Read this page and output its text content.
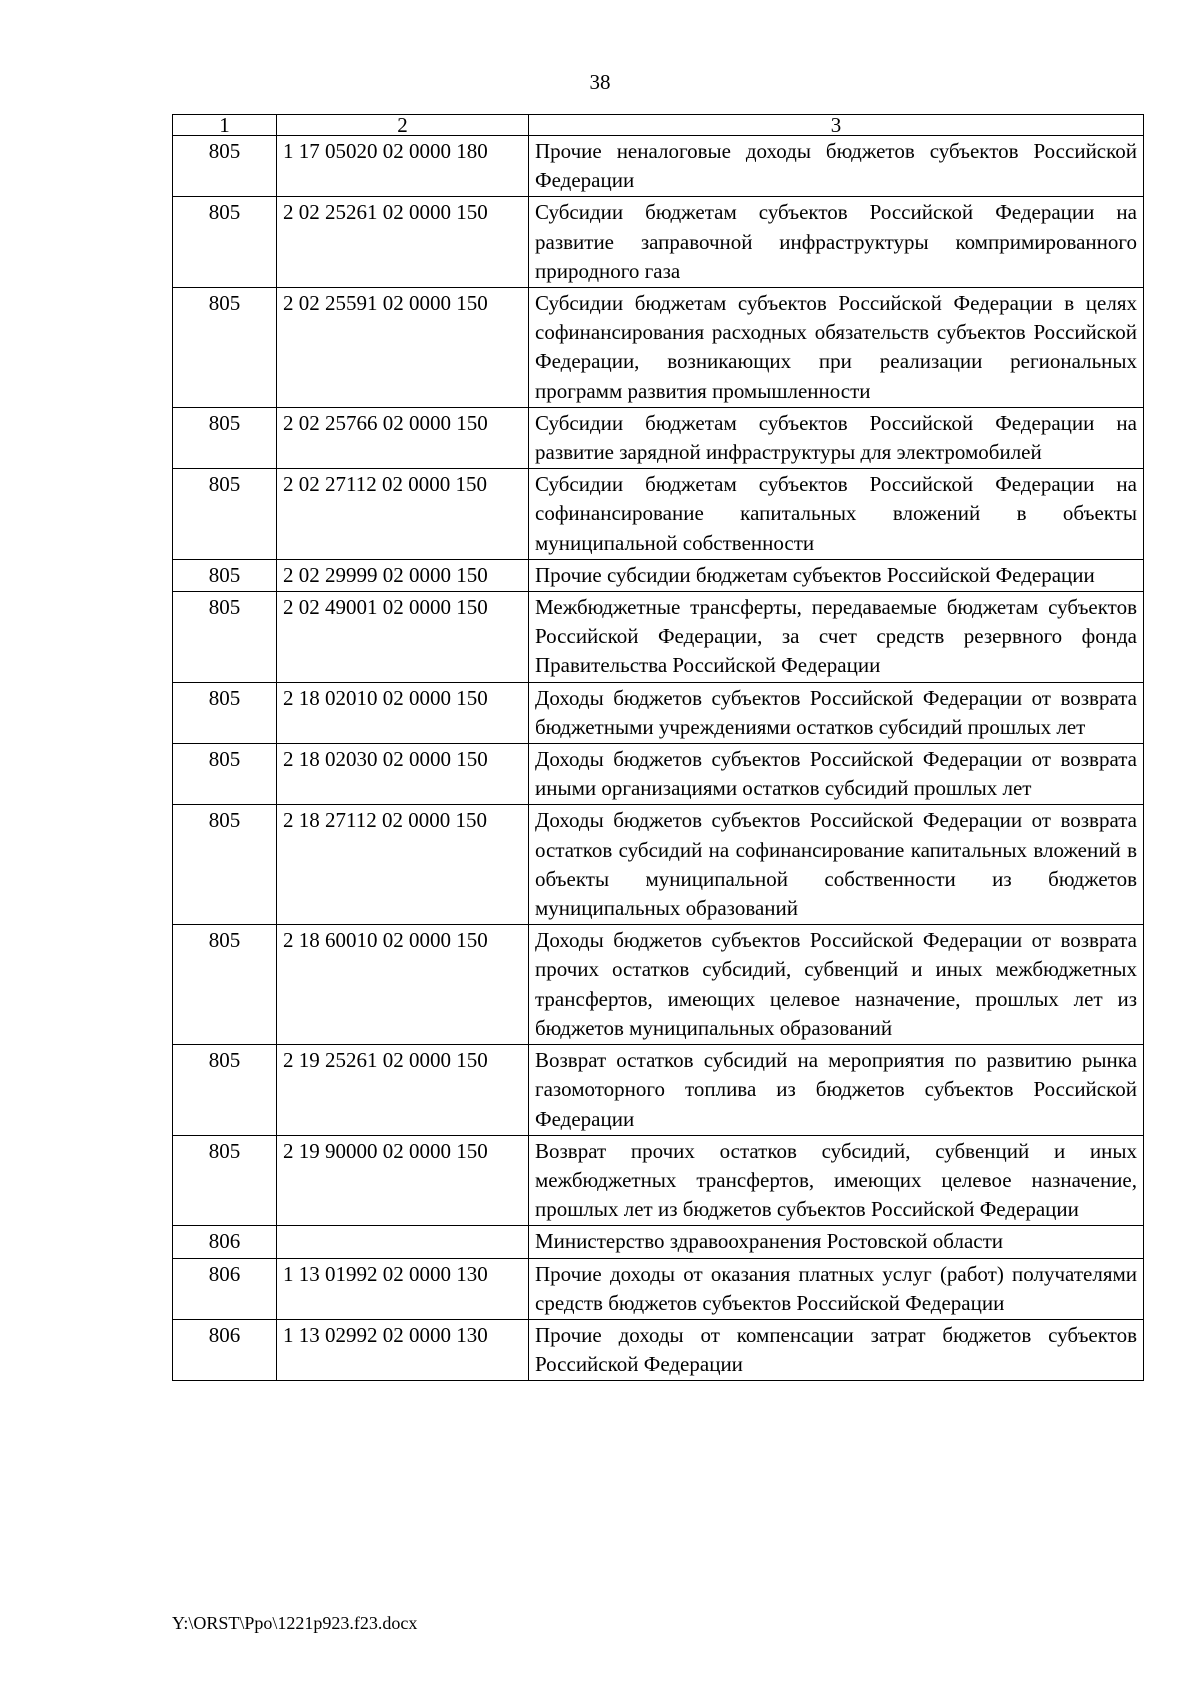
38
1	2	3
805	1 17 05020 02 0000 180	Прочие неналоговые доходы бюджетов субъектов Российской Федерации
805	2 02 25261 02 0000 150	Субсидии бюджетам субъектов Российской Федерации на развитие заправочной инфраструктуры компримированного природного газа
805	2 02 25591 02 0000 150	Субсидии бюджетам субъектов Российской Федерации в целях софинансирования расходных обязательств субъектов Российской Федерации, возникающих при реализации региональных программ развития промышленности
805	2 02 25766 02 0000 150	Субсидии бюджетам субъектов Российской Федерации на развитие зарядной инфраструктуры для электромобилей
805	2 02 27112 02 0000 150	Субсидии бюджетам субъектов Российской Федерации на софинансирование капитальных вложений в объекты муниципальной собственности
805	2 02 29999 02 0000 150	Прочие субсидии бюджетам субъектов Российской Федерации
805	2 02 49001 02 0000 150	Межбюджетные трансферты, передаваемые бюджетам субъектов Российской Федерации, за счет средств резервного фонда Правительства Российской Федерации
805	2 18 02010 02 0000 150	Доходы бюджетов субъектов Российской Федерации от возврата бюджетными учреждениями остатков субсидий прошлых лет
805	2 18 02030 02 0000 150	Доходы бюджетов субъектов Российской Федерации от возврата иными организациями остатков субсидий прошлых лет
805	2 18 27112 02 0000 150	Доходы бюджетов субъектов Российской Федерации от возврата остатков субсидий на софинансирование капитальных вложений в объекты муниципальной собственности из бюджетов муниципальных образований
805	2 18 60010 02 0000 150	Доходы бюджетов субъектов Российской Федерации от возврата прочих остатков субсидий, субвенций и иных межбюджетных трансфертов, имеющих целевое назначение, прошлых лет из бюджетов муниципальных образований
805	2 19 25261 02 0000 150	Возврат остатков субсидий на мероприятия по развитию рынка газомоторного топлива из бюджетов субъектов Российской Федерации
805	2 19 90000 02 0000 150	Возврат прочих остатков субсидий, субвенций и иных межбюджетных трансфертов, имеющих целевое назначение, прошлых лет из бюджетов субъектов Российской Федерации
806		Министерство здравоохранения Ростовской области
806	1 13 01992 02 0000 130	Прочие доходы от оказания платных услуг (работ) получателями средств бюджетов субъектов Российской Федерации
806	1 13 02992 02 0000 130	Прочие доходы от компенсации затрат бюджетов субъектов Российской Федерации
Y:\ORST\Ppo\1221p923.f23.docx
